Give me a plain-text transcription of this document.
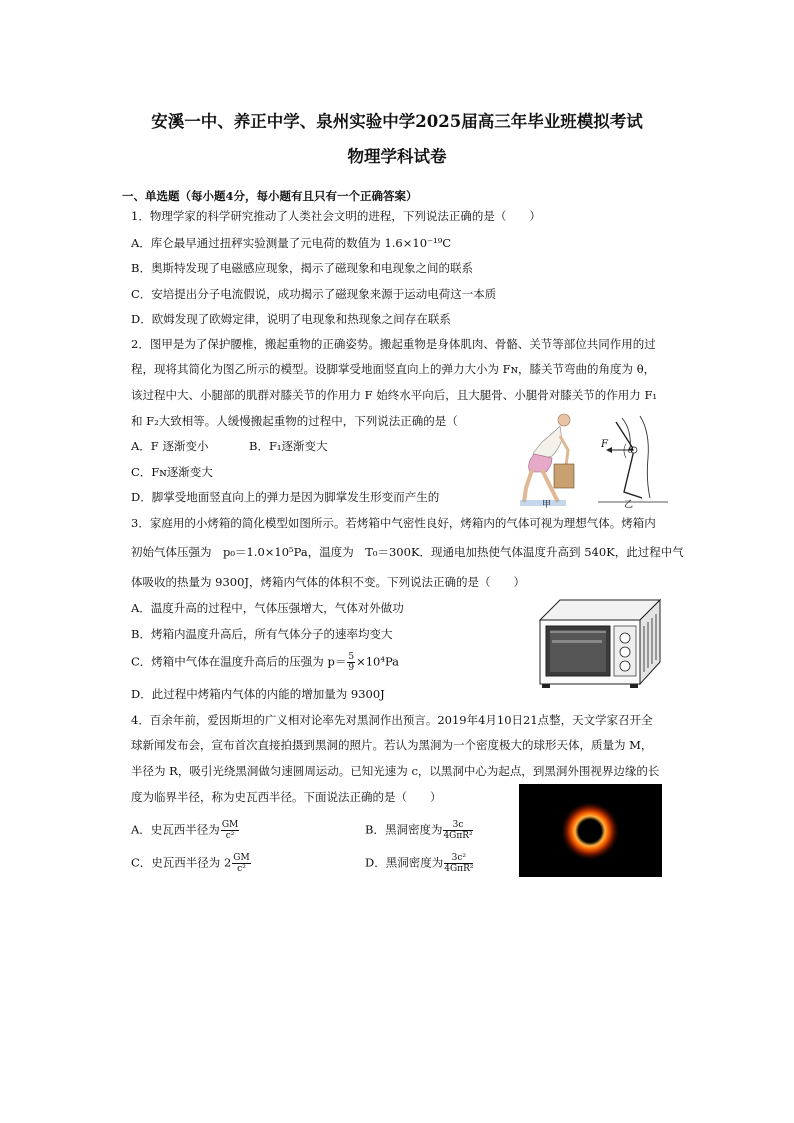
安溪一中、养正中学、泉州实验中学2025届高三年毕业班模拟考试
物理学科试卷
一、单选题（每小题4分，每小题有且只有一个正确答案）
1．物理学家的科学研究推动了人类社会文明的进程，下列说法正确的是（　　）
A．库仑最早通过扭秤实验测量了元电荷的数值为 1.6×10⁻¹⁹C
B．奥斯特发现了电磁感应现象，揭示了磁现象和电现象之间的联系
C．安培提出分子电流假说，成功揭示了磁现象来源于运动电荷这一本质
D．欧姆发现了欧姆定律，说明了电现象和热现象之间存在联系
2．图甲是为了保护腰椎，搬起重物的正确姿势。搬起重物是身体肌肉、骨骼、关节等部位共同作用的过
程，现将其简化为图乙所示的模型。设脚掌受地面竖直向上的弹力大小为 Fɴ，膝关节弯曲的角度为 θ，
该过程中大、小腿部的肌群对膝关节的作用力 F 始终水平向后，且大腿骨、小腿骨对膝关节的作用力 F₁
和 F₂大致相等。人缓慢搬起重物的过程中，下列说法正确的是（
A．F 逐渐变小	B．F₁逐渐变大
C．Fɴ逐渐变大
D．脚掌受地面竖直向上的弹力是因为脚掌发生形变而产生的
F
θ
甲	乙
3．家庭用的小烤箱的简化模型如图所示。若烤箱中气密性良好，烤箱内的气体可视为理想气体。烤箱内
初始气体压强为　p₀＝1.0×10⁵Pa，温度为　T₀＝300K．现通电加热使气体温度升高到 540K，此过程中气
体吸收的热量为 9300J，烤箱内气体的体积不变。下列说法正确的是（　　）
A．温度升高的过程中，气体压强增大，气体对外做功
B．烤箱内温度升高后，所有气体分子的速率均变大
C．烤箱中气体在温度升高后的压强为 $p= \frac{5}{9} \times 10^4Pa$
D．此过程中烤箱内气体的内能的增加量为 9300J
4．百余年前，爱因斯坦的广义相对论率先对黑洞作出预言。2019年4月10日21点整，天文学家召开全
球新闻发布会，宣布首次直接拍摄到黑洞的照片。若认为黑洞为一个密度极大的球形天体，质量为 M，
半径为 R，吸引光绕黑洞做匀速圆周运动。已知光速为 c，以黑洞中心为起点，到黑洞外围视界边缘的长
度为临界半径，称为史瓦西半径。下面说法正确的是（　　）
A．史瓦西半径为 $\frac{GM}{\text{c²}}$	B．黑洞密度为 $\frac{3c}{\text{4GπR²}}$
C．史瓦西半径为 $2 \frac{GM}{\text{c²}}$	D．黑洞密度为 $\frac{\text{3c²}}{\text{4GπR²}}$
